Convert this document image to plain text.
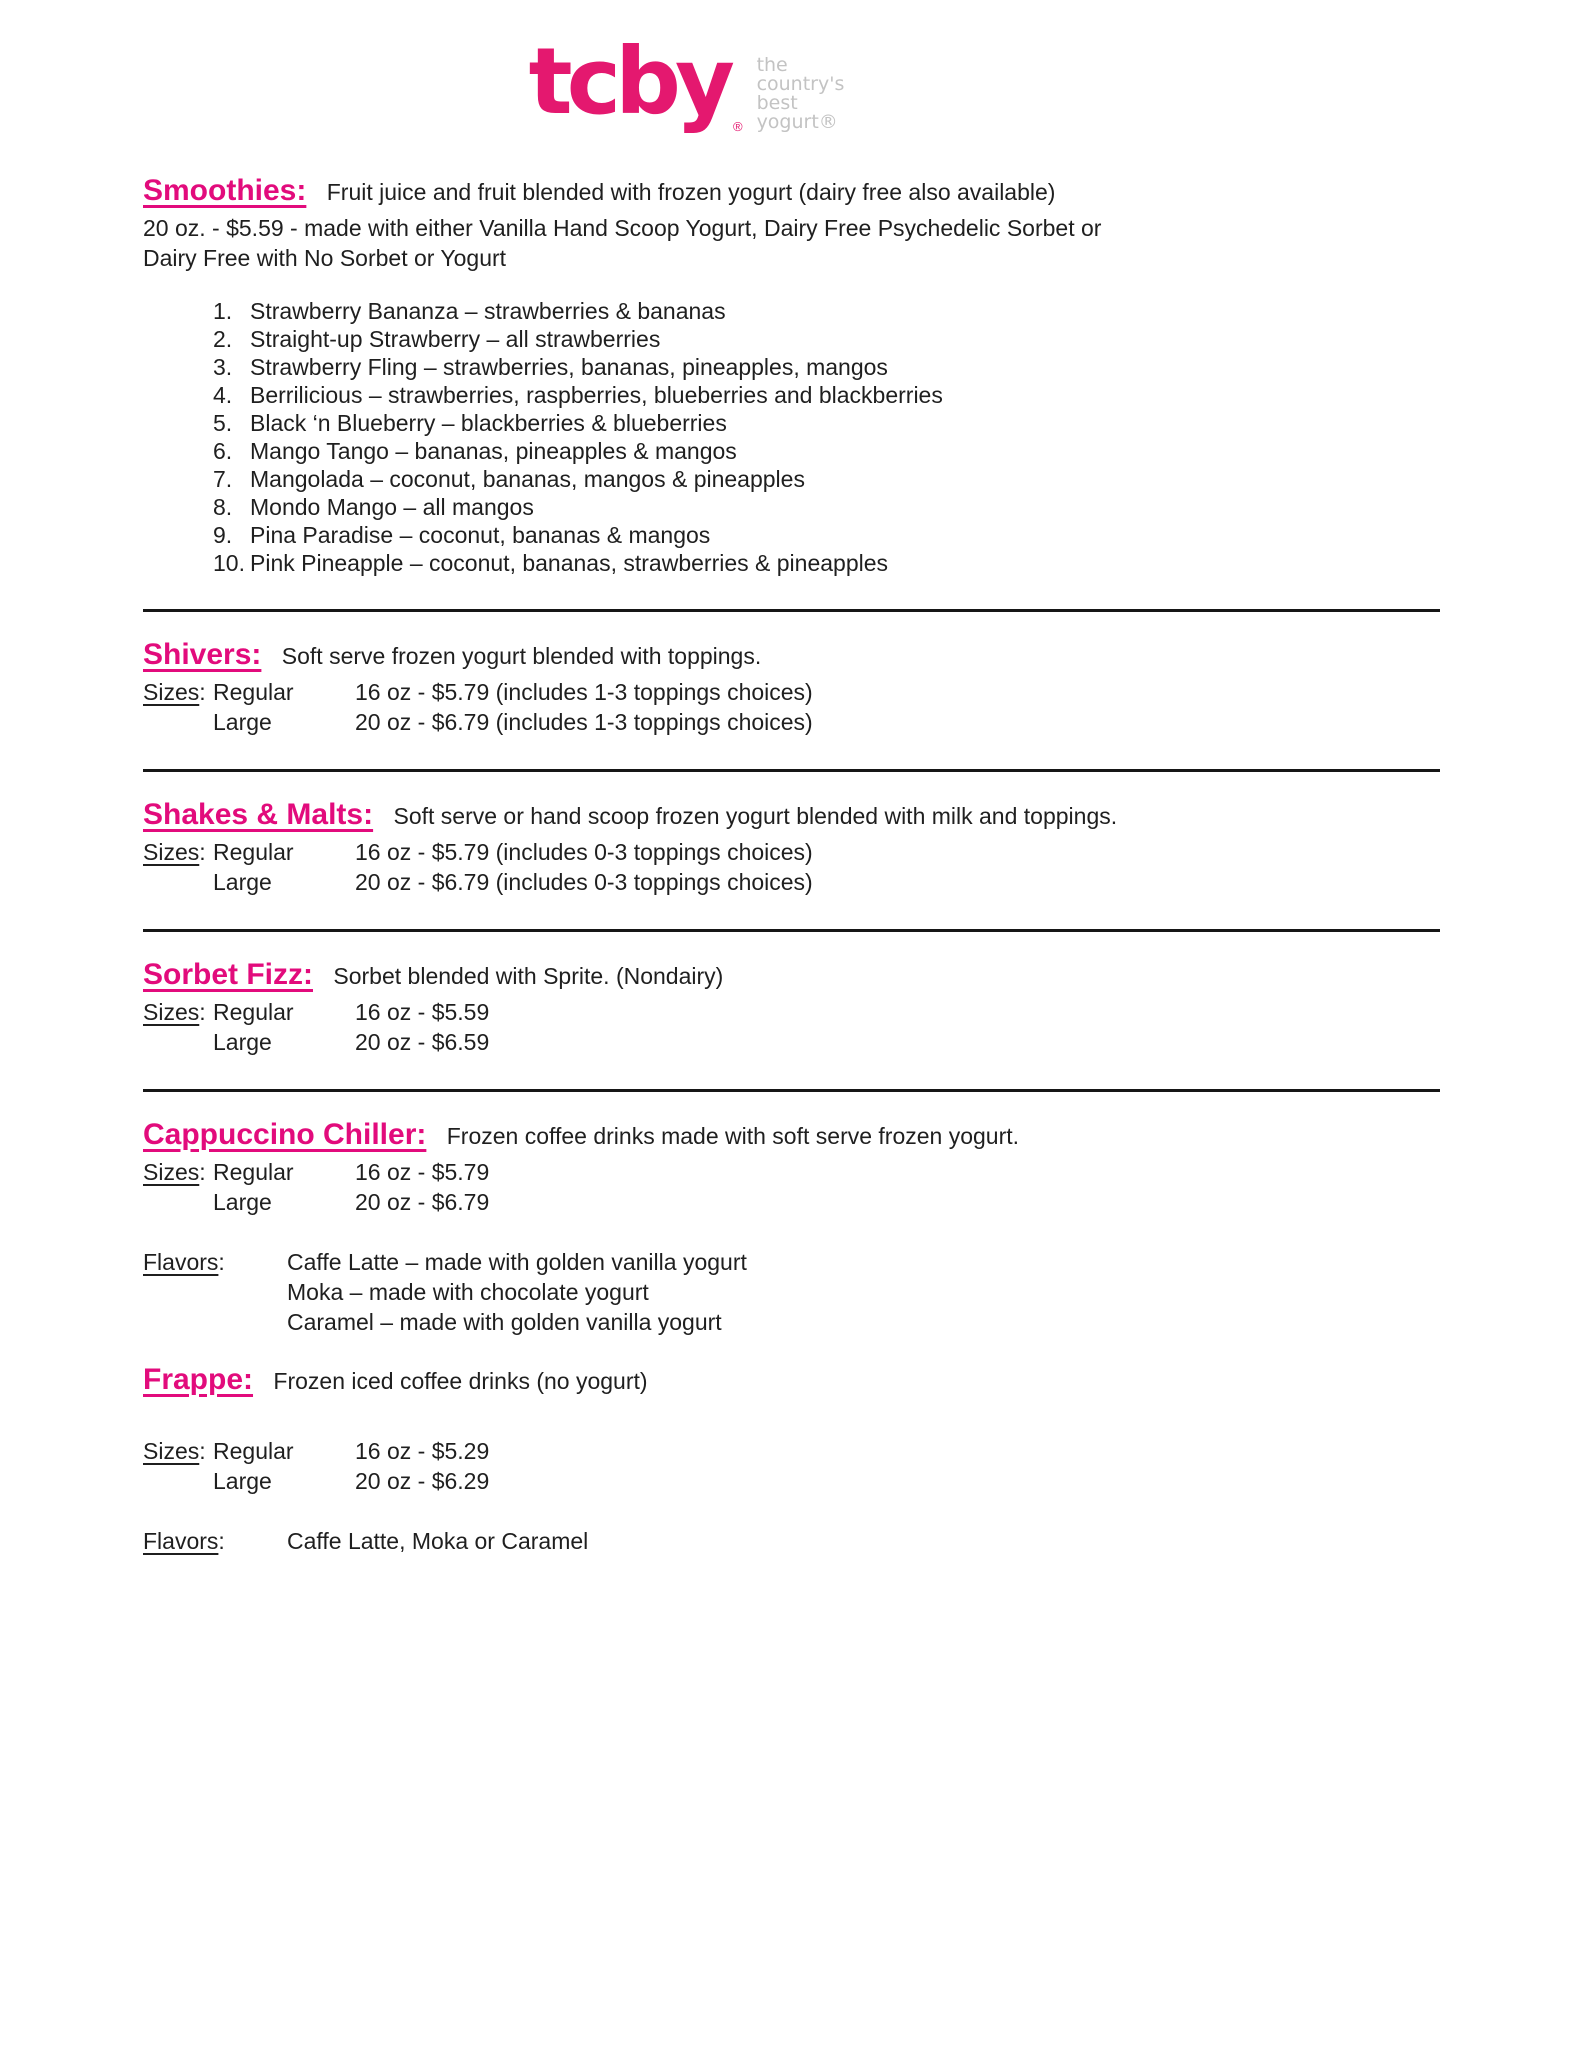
tcby ®
the
country's
best
yogurt®

Smoothies: Fruit juice and fruit blended with frozen yogurt (dairy free also available)

20 oz. - $5.59 - made with either Vanilla Hand Scoop Yogurt, Dairy Free Psychedelic Sorbet or Dairy Free with No Sorbet or Yogurt

1. Strawberry Bananza – strawberries & bananas
2. Straight-up Strawberry – all strawberries
3. Strawberry Fling – strawberries, bananas, pineapples, mangos
4. Berrilicious – strawberries, raspberries, blueberries and blackberries
5. Black ‘n Blueberry – blackberries & blueberries
6. Mango Tango – bananas, pineapples & mangos
7. Mangolada – coconut, bananas, mangos & pineapples
8. Mondo Mango – all mangos
9. Pina Paradise – coconut, bananas & mangos
10. Pink Pineapple – coconut, bananas, strawberries & pineapples

Shivers: Soft serve frozen yogurt blended with toppings.

Sizes: Regular	16 oz - $5.79 (includes 1-3 toppings choices)
Large	20 oz - $6.79 (includes 1-3 toppings choices)

Shakes & Malts: Soft serve or hand scoop frozen yogurt blended with milk and toppings.

Sizes: Regular	16 oz - $5.79 (includes 0-3 toppings choices)
Large	20 oz - $6.79 (includes 0-3 toppings choices)

Sorbet Fizz: Sorbet blended with Sprite. (Nondairy)

Sizes: Regular	16 oz - $5.59
Large	20 oz - $6.59

Cappuccino Chiller: Frozen coffee drinks made with soft serve frozen yogurt.

Sizes: Regular	16 oz - $5.79
Large	20 oz - $6.79
Flavors:	Caffe Latte – made with golden vanilla yogurt
Moka – made with chocolate yogurt
Caramel – made with golden vanilla yogurt

Frappe: Frozen iced coffee drinks (no yogurt)

Sizes: Regular	16 oz - $5.29
Large	20 oz - $6.29
Flavors:	Caffe Latte, Moka or Caramel
